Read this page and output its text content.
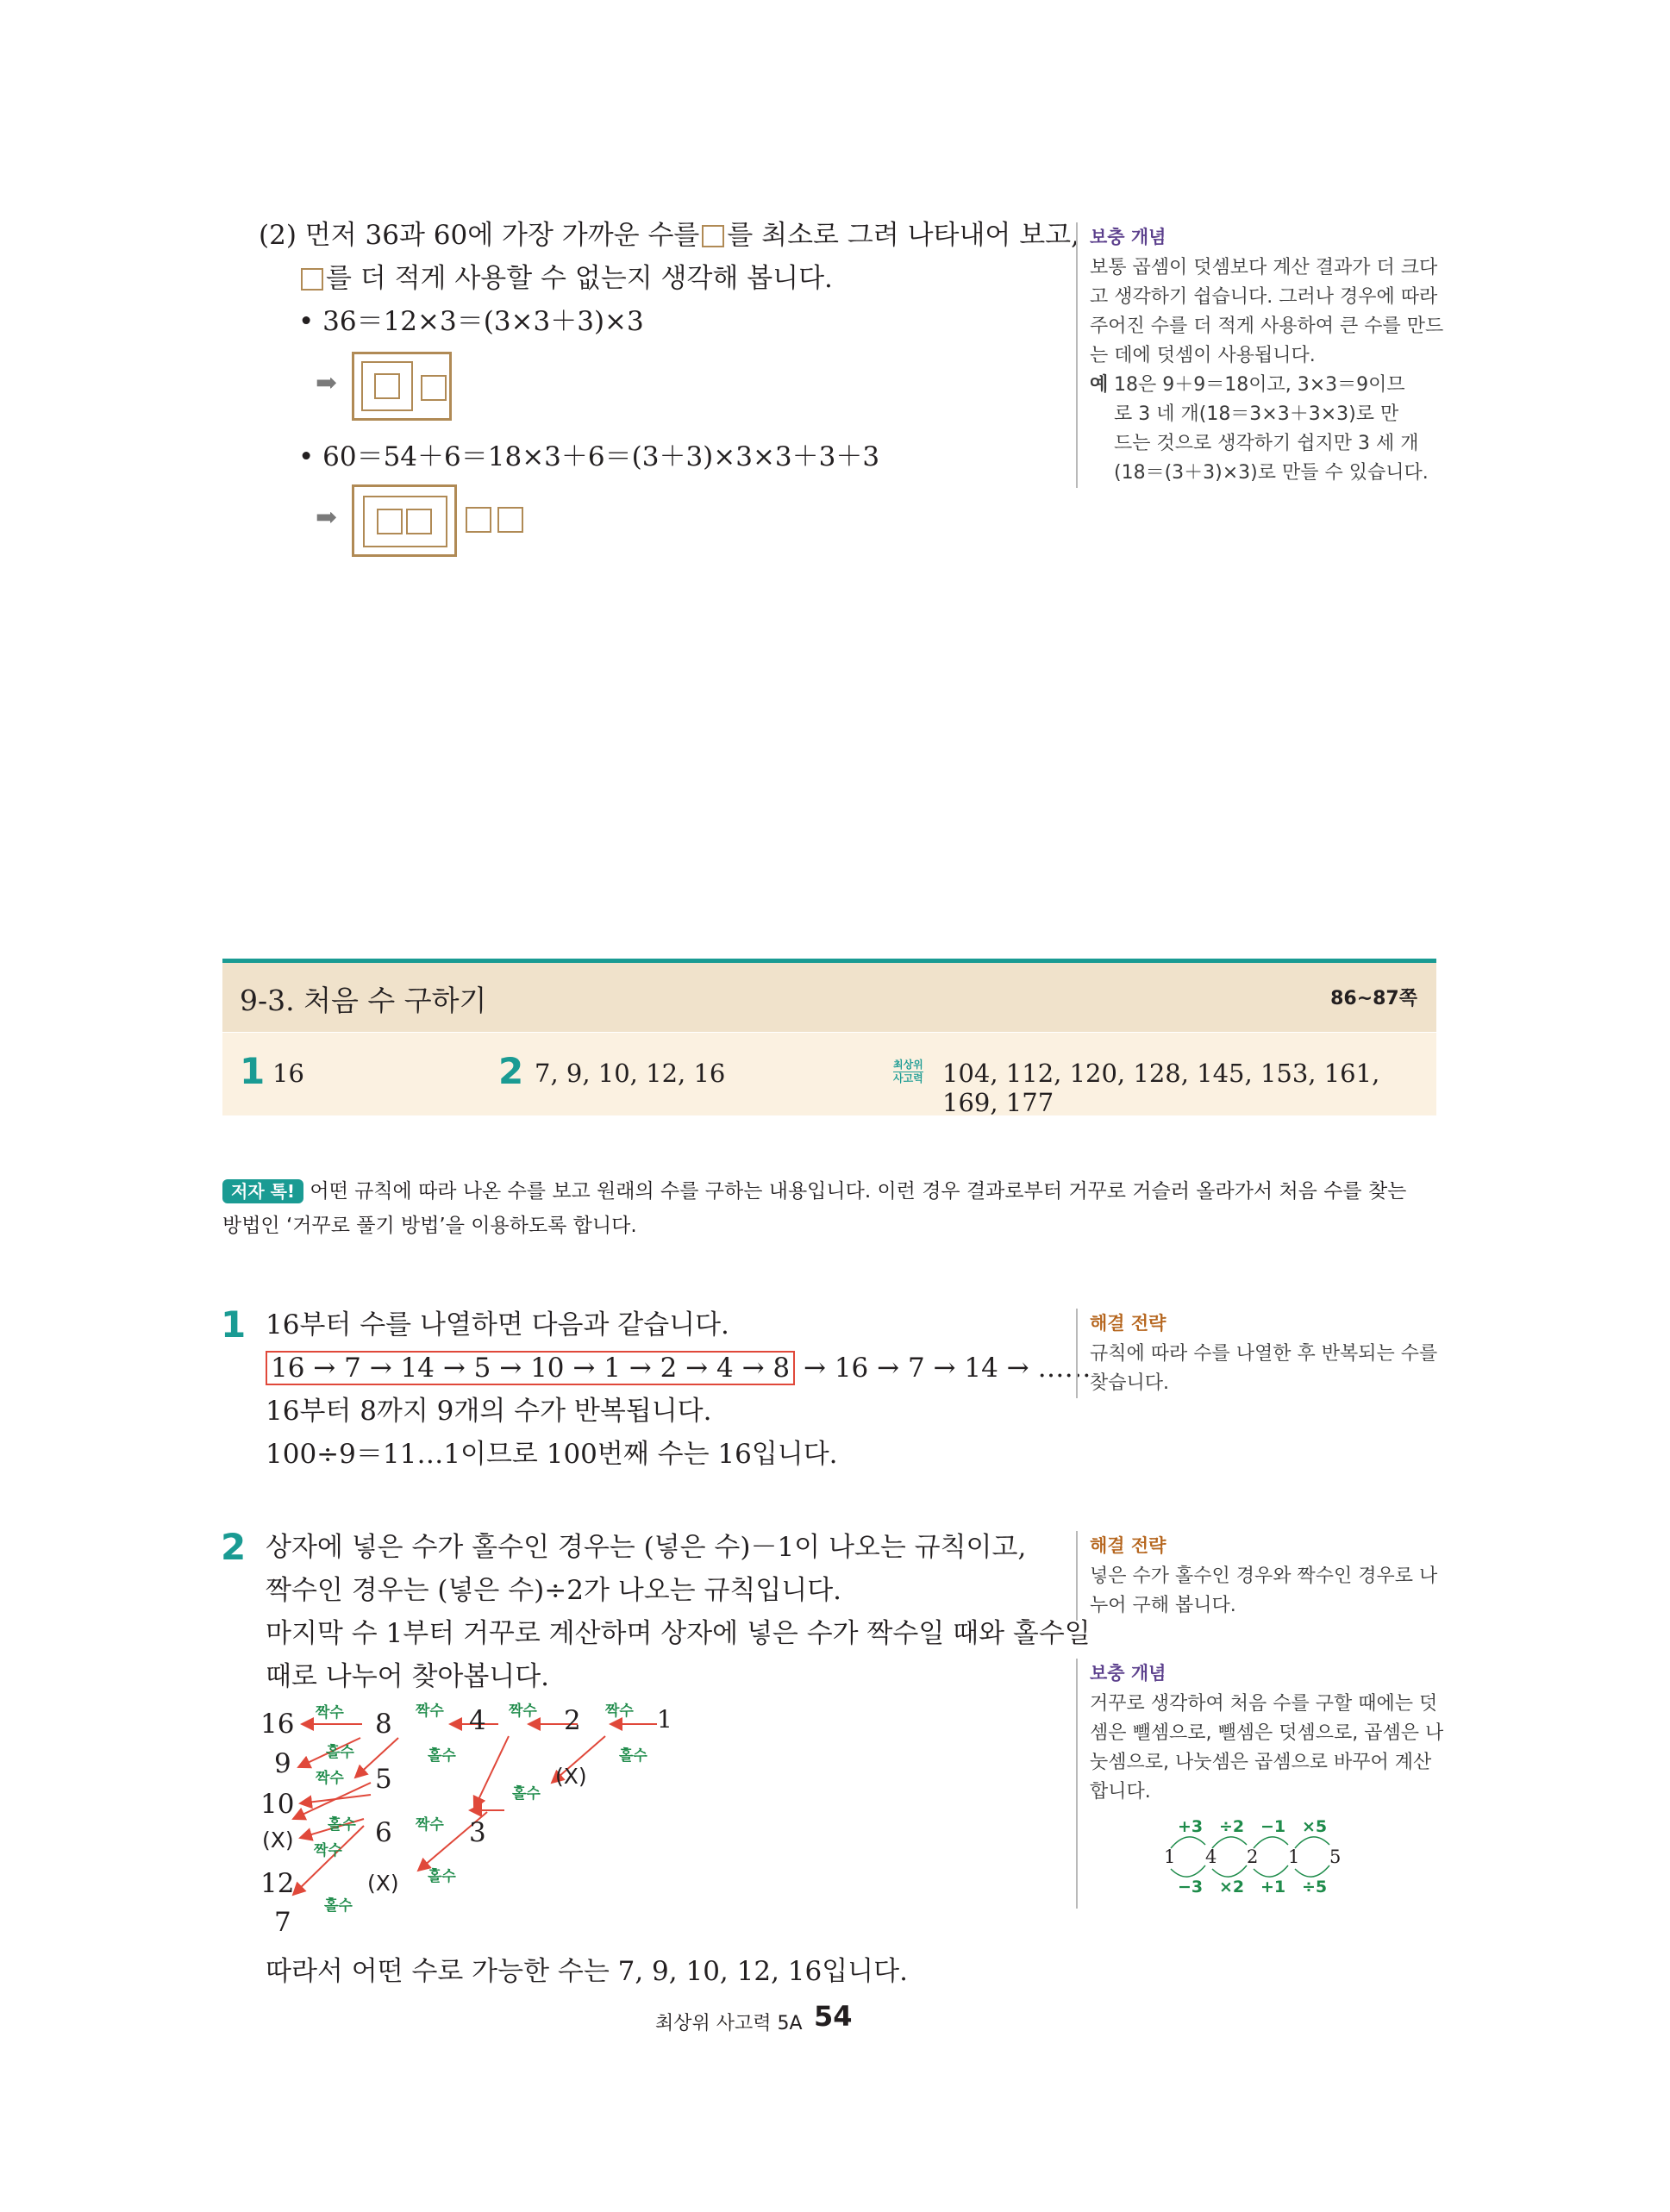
(2) 먼저 36과 60에 가장 가까운 수를 를 최소로 그려 나타내어 보고,
를 더 적게 사용할 수 없는지 생각해 봅니다.
• 36＝12×3＝(3×3＋3)×3
➡
• 60＝54＋6＝18×3＋6＝(3＋3)×3×3＋3＋3
➡
보충 개념
보통 곱셈이 덧셈보다 계산 결과가 더 크다
고 생각하기 쉽습니다. 그러나 경우에 따라
주어진 수를 더 적게 사용하여 큰 수를 만드
는 데에 덧셈이 사용됩니다.
예 18은 9＋9＝18이고, 3×3＝9이므
로 3 네 개(18＝3×3＋3×3)로 만
드는 것으로 생각하기 쉽지만 3 세 개
(18＝(3＋3)×3)로 만들 수 있습니다.
9-3. 처음 수 구하기	86~87쪽
1 16	2 7, 9, 10, 12, 16	최상위
사고력 104, 112, 120, 128, 145, 153, 161, 169, 177
저자 톡! 어떤 규칙에 따라 나온 수를 보고 원래의 수를 구하는 내용입니다. 이런 경우 결과로부터 거꾸로 거슬러 올라가서 처음 수를 찾는
방법인 ‘거꾸로 풀기 방법’을 이용하도록 합니다.
1 16부터 수를 나열하면 다음과 같습니다.
16 → 7 → 14 → 5 → 10 → 1 → 2 → 4 → 8 → 16 → 7 → 14 → ……
16부터 8까지 9개의 수가 반복됩니다.
100÷9＝11…1이므로 100번째 수는 16입니다.
해결 전략
규칙에 따라 수를 나열한 후 반복되는 수를
찾습니다.
2 상자에 넣은 수가 홀수인 경우는 (넣은 수)－1이 나오는 규칙이고,
짝수인 경우는 (넣은 수)÷2가 나오는 규칙입니다.
마지막 수 1부터 거꾸로 계산하며 상자에 넣은 수가 짝수일 때와 홀수일
때로 나누어 찾아봅니다.
16
9
10
(X)
12
7
8
5
6
(X)
4
3
2
(X)
1
짝수	짝수	짝수	짝수
홀수	홀수	홀수
짝수
홀수
홀수	짝수
짝수
홀수
홀수
따라서 어떤 수로 가능한 수는 7, 9, 10, 12, 16입니다.
해결 전략
넣은 수가 홀수인 경우와 짝수인 경우로 나
누어 구해 봅니다.
보충 개념
거꾸로 생각하여 처음 수를 구할 때에는 덧
셈은 뺄셈으로, 뺄셈은 덧셈으로, 곱셈은 나
눗셈으로, 나눗셈은 곱셈으로 바꾸어 계산
합니다.
+3 ÷2 −1 ×5
1 4 2 1 5
−3 ×2 +1 ÷5
최상위 사고력 5A 54
